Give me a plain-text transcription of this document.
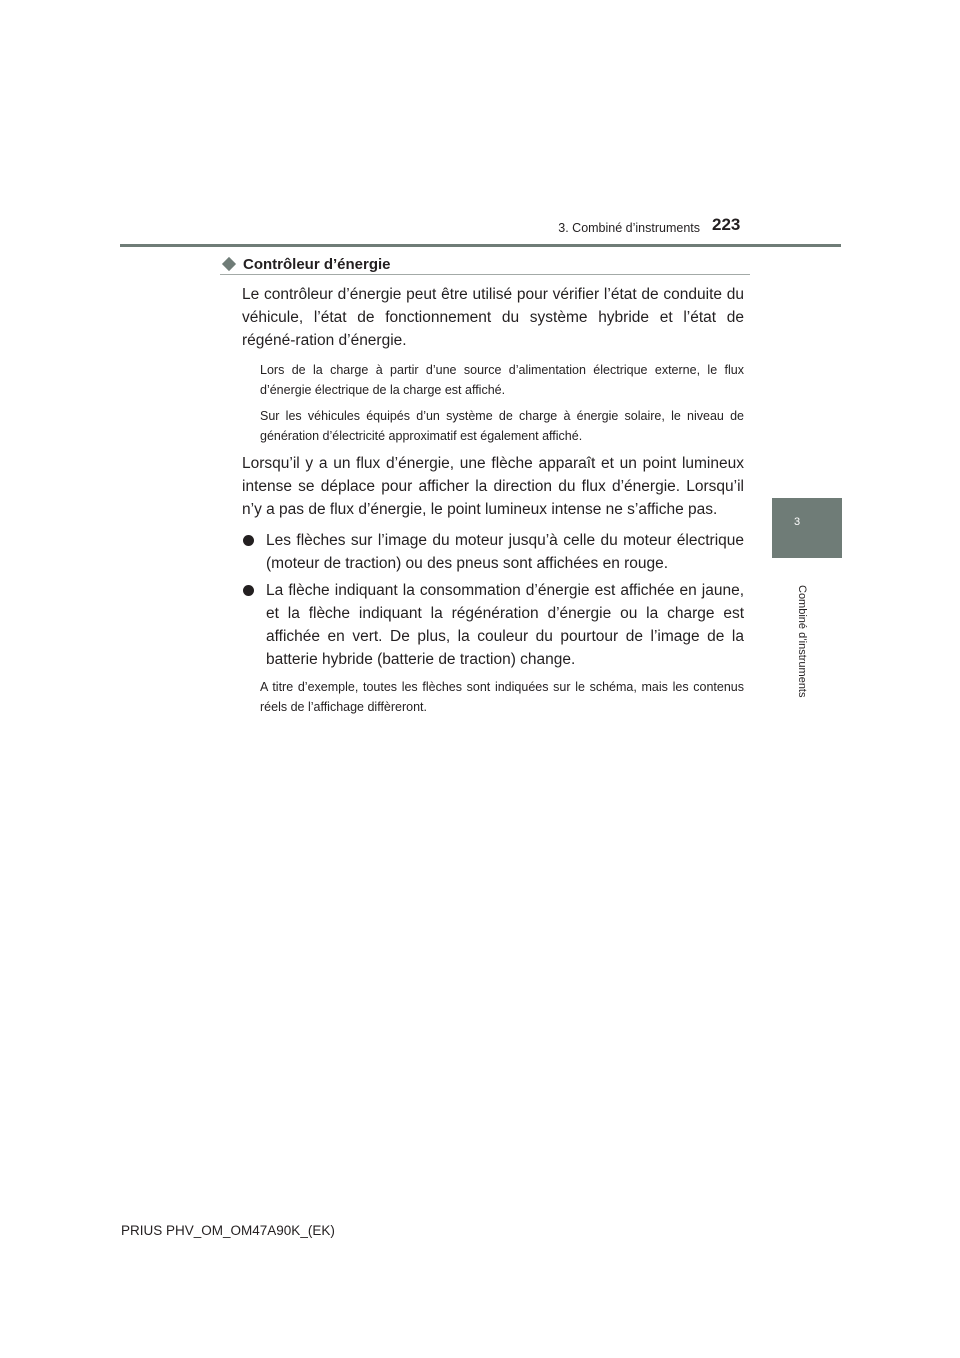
3. Combiné d’instruments 223
3
Combiné d’instruments
Contrôleur d’énergie

Le contrôleur d’énergie peut être utilisé pour vérifier l’état de conduite du véhicule, l’état de fonctionnement du système hybride et l’état de régéné-ration d’énergie.

Lors de la charge à partir d’une source d’alimentation électrique externe, le flux d’énergie électrique de la charge est affiché.

Sur les véhicules équipés d’un système de charge à énergie solaire, le niveau de génération d’électricité approximatif est également affiché.

Lorsqu’il y a un flux d’énergie, une flèche apparaît et un point lumineux intense se déplace pour afficher la direction du flux d’énergie. Lorsqu’il n’y a pas de flux d’énergie, le point lumineux intense ne s’affiche pas.

Les flèches sur l’image du moteur jusqu’à celle du moteur électrique (moteur de traction) ou des pneus sont affichées en rouge.
La flèche indiquant la consommation d’énergie est affichée en jaune, et la flèche indiquant la régénération d’énergie ou la charge est affichée en vert. De plus, la couleur du pourtour de l’image de la batterie hybride (batterie de traction) change.

A titre d’exemple, toutes les flèches sont indiquées sur le schéma, mais les contenus réels de l’affichage diffèreront.

PRIUS PHV_OM_OM47A90K_(EK)
